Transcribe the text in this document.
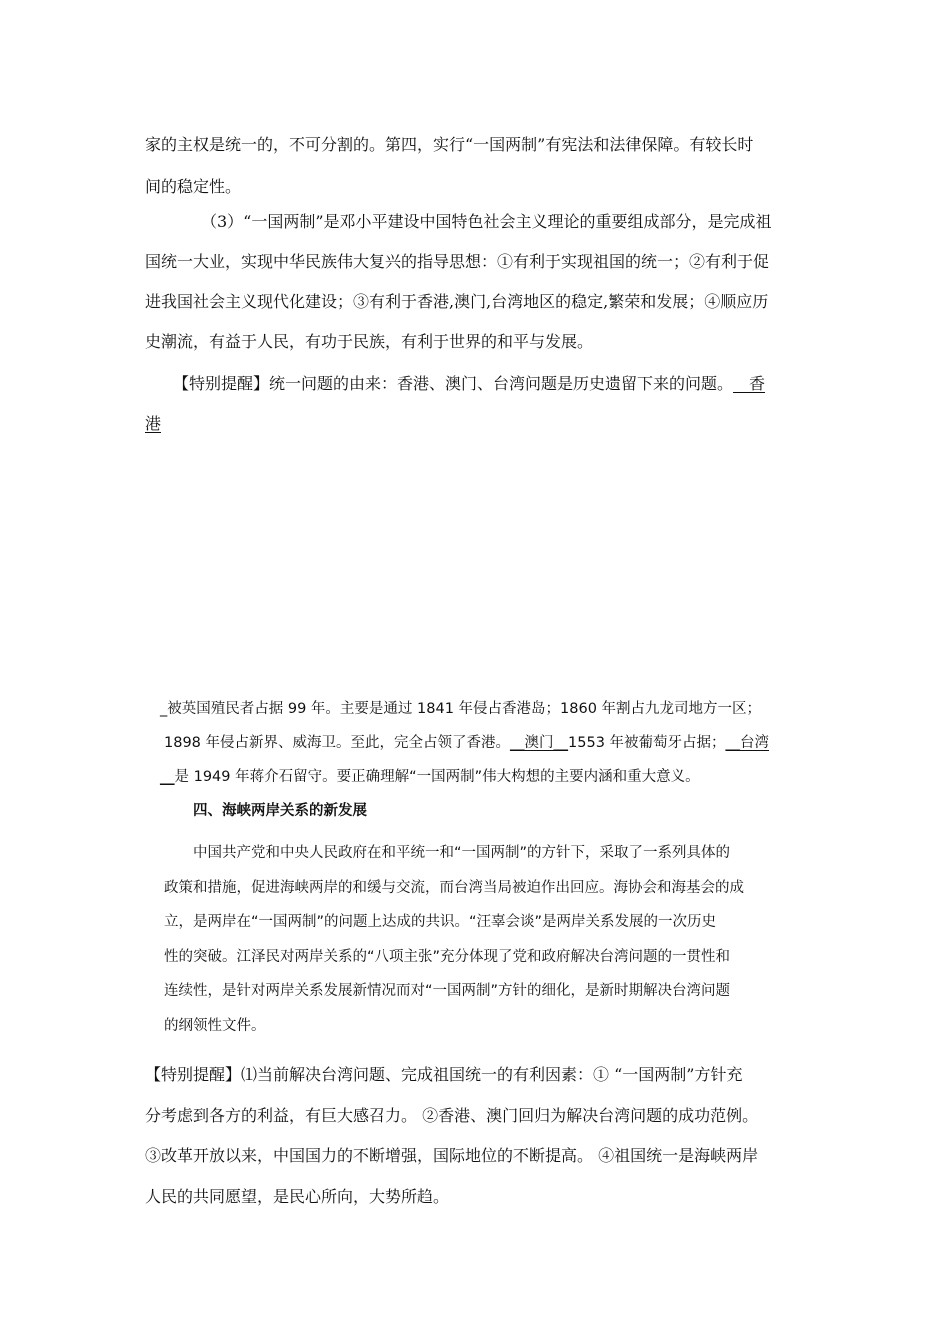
家的主权是统一的，不可分割的。第四，实行“一国两制”有宪法和法律保障。有较长时
间的稳定性。
（3）“一国两制”是邓小平建设中国特色社会主义理论的重要组成部分，是完成祖
国统一大业，实现中华民族伟大复兴的指导思想：①有利于实现祖国的统一；②有利于促
进我国社会主义现代化建设；③有利于香港,澳门,台湾地区的稳定,繁荣和发展；④顺应历
史潮流，有益于人民，有功于民族，有利于世界的和平与发展。
【特别提醒】统一问题的由来：香港、澳门、台湾问题是历史遗留下来的问题。__香
港
_被英国殖民者占据 99 年。主要是通过 1841 年侵占香港岛；1860 年割占九龙司地方一区；
1898 年侵占新界、威海卫。至此，完全占领了香港。__澳门__1553 年被葡萄牙占据；__台湾
__是 1949 年蒋介石留守。要正确理解“一国两制”伟大构想的主要内涵和重大意义。
四、海峡两岸关系的新发展
中国共产党和中央人民政府在和平统一和“一国两制”的方针下，采取了一系列具体的
政策和措施，促进海峡两岸的和缓与交流，而台湾当局被迫作出回应。海协会和海基会的成
立，是两岸在“一国两制”的问题上达成的共识。“汪辜会谈”是两岸关系发展的一次历史
性的突破。江泽民对两岸关系的“八项主张”充分体现了党和政府解决台湾问题的一贯性和
连续性，是针对两岸关系发展新情况而对“一国两制”方针的细化，是新时期解决台湾问题
的纲领性文件。
【特别提醒】⑴当前解决台湾问题、完成祖国统一的有利因素：① “一国两制”方针充
分考虑到各方的利益，有巨大感召力。 ②香港、澳门回归为解决台湾问题的成功范例。
③改革开放以来，中国国力的不断增强，国际地位的不断提高。 ④祖国统一是海峡两岸
人民的共同愿望，是民心所向，大势所趋。
